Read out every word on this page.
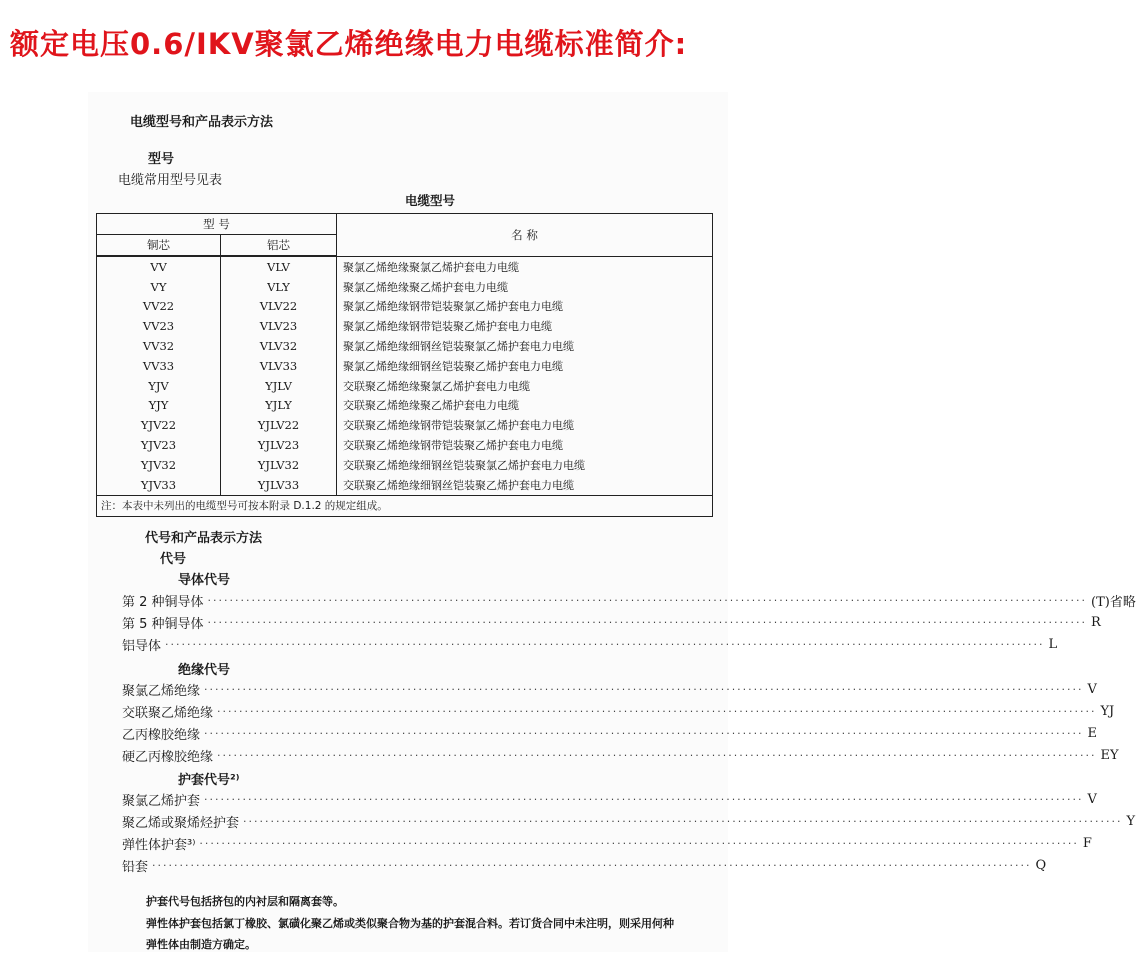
额定电压0.6/IKV聚氯乙烯绝缘电力电缆标准简介:
电缆型号和产品表示方法
型号
电缆常用型号见表
电缆型号
型 号		名 称
铜芯	铝芯	
VV	VLV	聚氯乙烯绝缘聚氯乙烯护套电力电缆
VY	VLY	聚氯乙烯绝缘聚乙烯护套电力电缆
VV22	VLV22	聚氯乙烯绝缘钢带铠装聚氯乙烯护套电力电缆
VV23	VLV23	聚氯乙烯绝缘钢带铠装聚乙烯护套电力电缆
VV32	VLV32	聚氯乙烯绝缘细钢丝铠装聚氯乙烯护套电力电缆
VV33	VLV33	聚氯乙烯绝缘细钢丝铠装聚乙烯护套电力电缆
YJV	YJLV	交联聚乙烯绝缘聚氯乙烯护套电力电缆
YJY	YJLY	交联聚乙烯绝缘聚乙烯护套电力电缆
YJV22	YJLV22	交联聚乙烯绝缘钢带铠装聚氯乙烯护套电力电缆
YJV23	YJLV23	交联聚乙烯绝缘钢带铠装聚乙烯护套电力电缆
YJV32	YJLV32	交联聚乙烯绝缘细钢丝铠装聚氯乙烯护套电力电缆
YJV33	YJLV33	交联聚乙烯绝缘细钢丝铠装聚乙烯护套电力电缆
注：本表中未列出的电缆型号可按本附录 D.1.2 的规定组成。		
代号和产品表示方法
代号
导体代号
第 2 种铜导体 ································································································································································ (T)省略
第 5 种铜导体 ································································································································································ R
铝导体 ································································································································································ L
绝缘代号
聚氯乙烯绝缘 ································································································································································ V
交联聚乙烯绝缘 ································································································································································ YJ
乙丙橡胶绝缘 ································································································································································ E
硬乙丙橡胶绝缘 ································································································································································ EY
护套代号²⁾
聚氯乙烯护套 ································································································································································ V
聚乙烯或聚烯烃护套 ································································································································································ Y
弹性体护套³⁾ ································································································································································ F
铅套 ································································································································································ Q
护套代号包括挤包的内衬层和隔离套等。
弹性体护套包括氯丁橡胶、氯磺化聚乙烯或类似聚合物为基的护套混合料。若订货合同中未注明，则采用何种
弹性体由制造方确定。
